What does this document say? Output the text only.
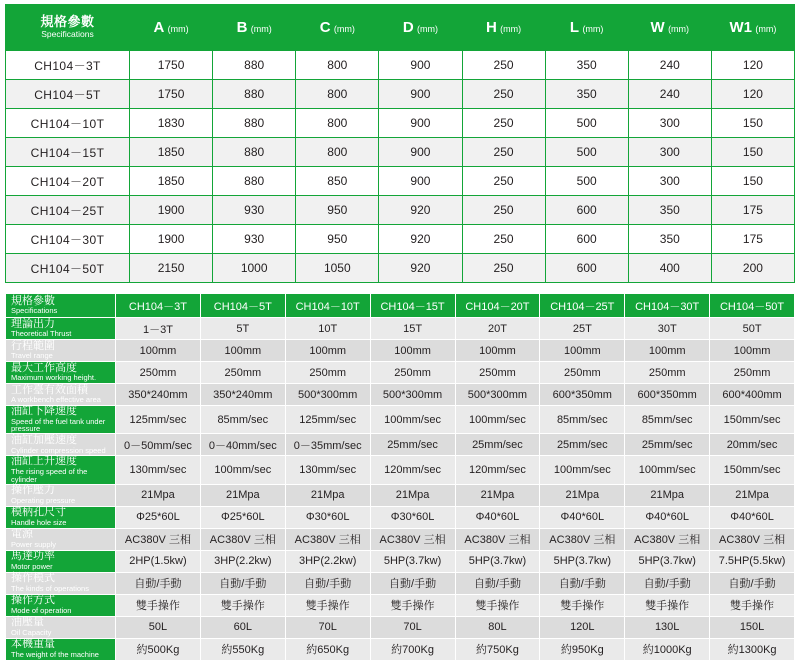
規格參數
Specifications	A (mm)	B (mm)	C (mm)	D (mm)	H (mm)	L (mm)	W (mm)	W1 (mm)
CH104－3T	1750	880	800	900	250	350	240	120
CH104－5T	1750	880	800	900	250	350	240	120
CH104－10T	1830	880	800	900	250	500	300	150
CH104－15T	1850	880	800	900	250	500	300	150
CH104－20T	1850	880	850	900	250	500	300	150
CH104－25T	1900	930	950	920	250	600	350	175
CH104－30T	1900	930	950	920	250	600	350	175
CH104－50T	2150	1000	1050	920	250	600	400	200
規格參數
Specifications	CH104－3T	CH104－5T	CH104－10T	CH104－15T	CH104－20T	CH104－25T	CH104－30T	CH104－50T

理論出力
Theoretical Thrust	1－3T	5T	10T	15T	20T	25T	30T	50T

行程範圍
Travel range	100mm	100mm	100mm	100mm	100mm	100mm	100mm	100mm

最大工作高度
Maximum working height.	250mm	250mm	250mm	250mm	250mm	250mm	250mm	250mm

工作臺有效面積
A workbench effective area	350*240mm	350*240mm	500*300mm	500*300mm	500*300mm	600*350mm	600*350mm	600*400mm

油缸下降速度
Speed of the fuel tank under pressure	125mm/sec	85mm/sec	125mm/sec	100mm/sec	100mm/sec	85mm/sec	85mm/sec	150mm/sec

油缸加壓速度
Cylinder compression speed	0－50mm/sec	0－40mm/sec	0－35mm/sec	25mm/sec	25mm/sec	25mm/sec	25mm/sec	20mm/sec

油缸上升速度
The rising speed of the cylinder	130mm/sec	100mm/sec	130mm/sec	120mm/sec	120mm/sec	100mm/sec	100mm/sec	150mm/sec

操作壓力
Operating pressure	21Mpa	21Mpa	21Mpa	21Mpa	21Mpa	21Mpa	21Mpa	21Mpa

模柄孔尺寸
Handle hole size	Φ25*60L	Φ25*60L	Φ30*60L	Φ30*60L	Φ40*60L	Φ40*60L	Φ40*60L	Φ40*60L

電源
Power supply	AC380V 三相	AC380V 三相	AC380V 三相	AC380V 三相	AC380V 三相	AC380V 三相	AC380V 三相	AC380V 三相

馬達功率
Motor power	2HP(1.5kw)	3HP(2.2kw)	3HP(2.2kw)	5HP(3.7kw)	5HP(3.7kw)	5HP(3.7kw)	5HP(3.7kw)	7.5HP(5.5kw)

操作模式
The kinds of operations	自動/手動	自動/手動	自動/手動	自動/手動	自動/手動	自動/手動	自動/手動	自動/手動

操作方式
Mode of operation	雙手操作	雙手操作	雙手操作	雙手操作	雙手操作	雙手操作	雙手操作	雙手操作

油壓量
Oil Capacity	50L	60L	70L	70L	80L	120L	130L	150L

本機重量
The weight of the machine	約500Kg	約550Kg	約650Kg	約700Kg	約750Kg	約950Kg	約1000Kg	約1300Kg
